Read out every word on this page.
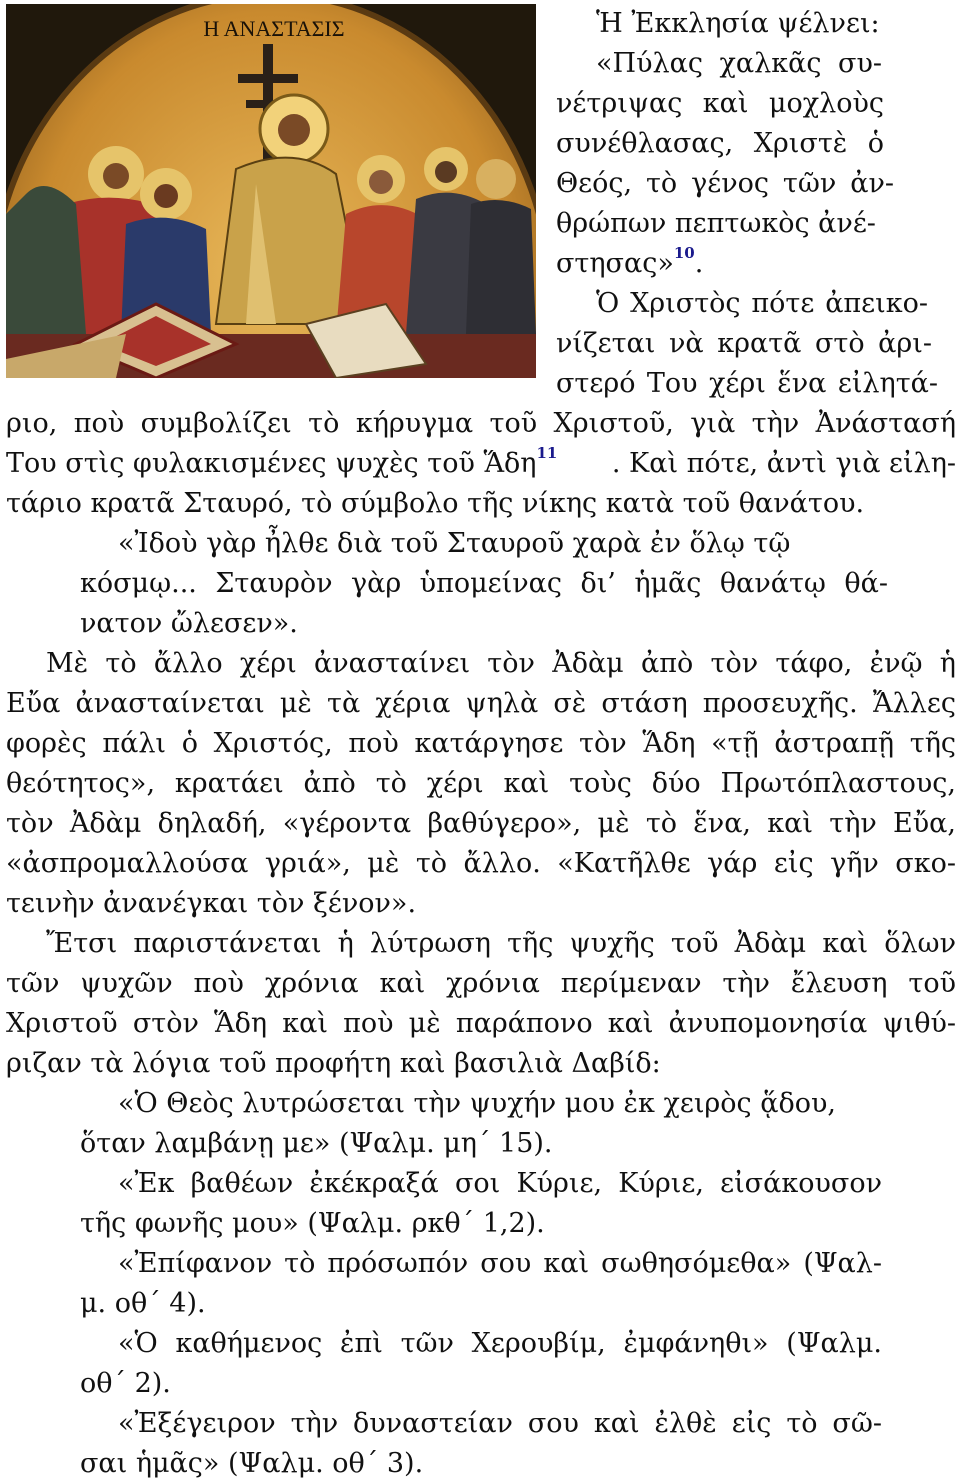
Η ΑΝΑΣΤΑΣΙΣ	Ἡ Ἐκκλησία ψέλνει:
«Πύλας χαλκᾶς συ-
νέτριψας καὶ μοχλοὺς
συνέθλασας, Χριστὲ ὁ
Θεός, τὸ γένος τῶν ἀν-
θρώπων πεπτωκὸς ἀνέ-
στησας»$^{10}$.
Ὁ Χριστὸς πότε ἀπεικο-
νίζεται νὰ κρατᾶ στὸ ἀρι-
στερό Του χέρι ἕνα εἰλητά-
ριο, ποὺ συμβολίζει τὸ κήρυγμα τοῦ Χριστοῦ, γιὰ τὴν Ἀνάστασή
Του στὶς φυλακισμένες ψυχὲς τοῦ Ἅδη$^{11}$ . Καὶ πότε, ἀντὶ γιὰ εἰλη-
τάριο κρατᾶ Σταυρό, τὸ σύμβολο τῆς νίκης κατὰ τοῦ θανάτου.
«Ἰδοὺ γὰρ ἦλθε διὰ τοῦ Σταυροῦ χαρὰ ἐν ὅλῳ τῷ
κόσμῳ... Σταυρὸν γὰρ ὑπομείνας δι’ ἡμᾶς θανάτῳ θά-
νατον ὤλεσεν».
Μὲ τὸ ἄλλο χέρι ἀνασταίνει τὸν Ἀδὰμ ἀπὸ τὸν τάφο, ἐνῷ ἡ
Εὔα ἀνασταίνεται μὲ τὰ χέρια ψηλὰ σὲ στάση προσευχῆς. Ἄλλες
φορὲς πάλι ὁ Χριστός, ποὺ κατάργησε τὸν Ἅδη «τῇ ἀστραπῇ τῆς
θεότητος», κρατάει ἀπὸ τὸ χέρι καὶ τοὺς δύο Πρωτόπλαστους,
τὸν Ἀδὰμ δηλαδή, «γέροντα βαθύγερο», μὲ τὸ ἕνα, καὶ τὴν Εὔα,
«ἀσπρομαλλούσα γριά», μὲ τὸ ἄλλο. «Κατῆλθε γάρ εἰς γῆν σκο-
τεινὴν ἀνανέγκαι τὸν ξένον».
Ἔτσι παριστάνεται ἡ λύτρωση τῆς ψυχῆς τοῦ Ἀδὰμ καὶ ὅλων
τῶν ψυχῶν ποὺ χρόνια καὶ χρόνια περίμεναν τὴν ἔλευση τοῦ
Χριστοῦ στὸν Ἅδη καὶ ποὺ μὲ παράπονο καὶ ἀνυπομονησία ψιθύ-
ριζαν τὰ λόγια τοῦ προφήτη καὶ βασιλιὰ Δαβίδ:
«Ὁ Θεὸς λυτρώσεται τὴν ψυχήν μου ἐκ χειρὸς ᾅδου,
ὅταν λαμβάνῃ με» (Ψαλμ. μη΄ 15).
«Ἐκ βαθέων ἐκέκραξά σοι Κύριε, Κύριε, εἰσάκουσον
τῆς φωνῆς μου» (Ψαλμ. ρκθ΄ 1,2).
«Ἐπίφανον τὸ πρόσωπόν σου καὶ σωθησόμεθα» (Ψαλ-
μ. οθ΄ 4).
«Ὁ καθήμενος ἐπὶ τῶν Χερουβίμ, ἐμφάνηθι» (Ψαλμ.
οθ΄ 2).
«Ἐξέγειρον τὴν δυναστείαν σου καὶ ἐλθὲ εἰς τὸ σῶ-
σαι ἡμᾶς» (Ψαλμ. οθ΄ 3).
